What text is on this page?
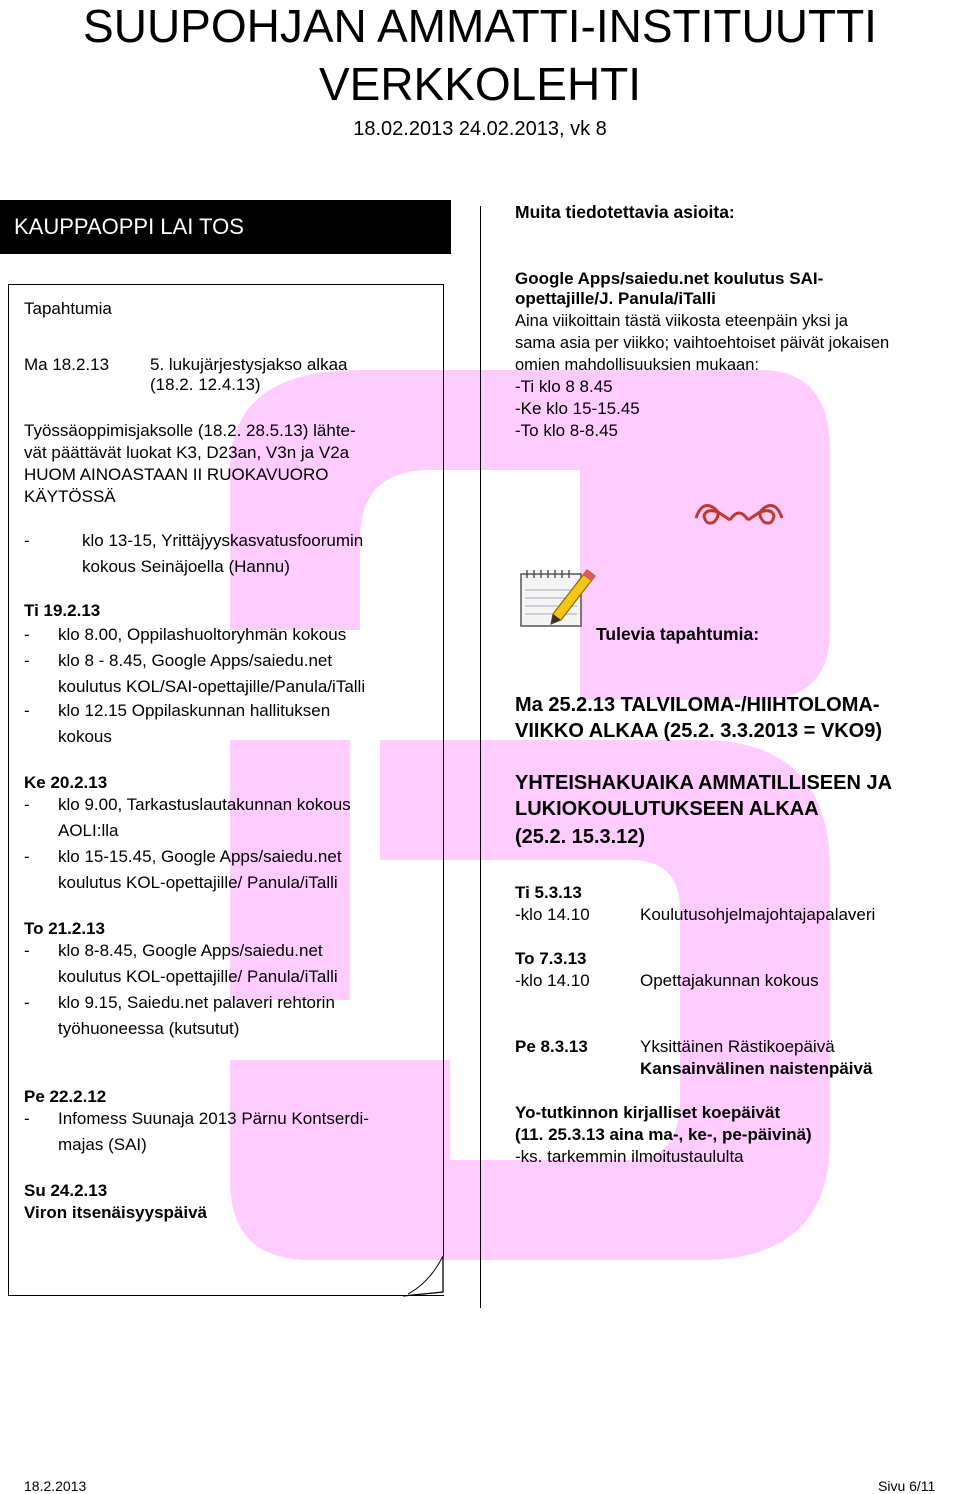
SUUPOHJAN AMMATTI-INSTITUUTTI
VERKKOLEHTI
18.02.2013 24.02.2013, vk 8
KAUPPAOPPI LAI TOS
Tapahtumia
Ma 18.2.13 5. lukujärjestysjakso alkaa
(18.2. 12.4.13)
Työssäoppimisjaksolle (18.2. 28.5.13) lähte-
vät päättävät luokat K3, D23an, V3n ja V2a
HUOM AINOASTAAN II RUOKAVUORO
KÄYTÖSSÄ
-	klo 13-15, Yrittäjyyskasvatusfoorumin
kokous Seinäjoella (Hannu)
Ti 19.2.13
- klo 8.00, Oppilashuoltoryhmän kokous
- klo 8 - 8.45, Google Apps/saiedu.net
koulutus KOL/SAI-opettajille/Panula/iTalli
- klo 12.15 Oppilaskunnan hallituksen
kokous
Ke 20.2.13
- klo 9.00, Tarkastuslautakunnan kokous
AOLI:lla
- klo 15-15.45, Google Apps/saiedu.net
koulutus KOL-opettajille/ Panula/iTalli
To 21.2.13
- klo 8-8.45, Google Apps/saiedu.net
koulutus KOL-opettajille/ Panula/iTalli
- klo 9.15, Saiedu.net palaveri rehtorin
työhuoneessa (kutsutut)
Pe 22.2.12
- Infomess Suunaja 2013 Pärnu Kontserdi-
majas (SAI)
Su 24.2.13
Viron itsenäisyyspäivä
Muita tiedotettavia asioita:
Google Apps/saiedu.net koulutus SAI-
opettajille/J. Panula/iTalli
Aina viikoittain tästä viikosta eteenpäin yksi ja
sama asia per viikko; vaihtoehtoiset päivät jokaisen
omien mahdollisuuksien mukaan:
-Ti klo 8 8.45
-Ke klo 15-15.45
-To klo 8-8.45
Tulevia tapahtumia:
Ma 25.2.13 TALVILOMA-/HIIHTOLOMA-
VIIKKO ALKAA (25.2. 3.3.2013 = VKO9)
YHTEISHAKUAIKA AMMATILLISEEN JA
LUKIOKOULUTUKSEEN ALKAA
(25.2. 15.3.12)
Ti 5.3.13
-klo 14.10	Koulutusohjelmajohtajapalaveri
To 7.3.13
-klo 14.10	Opettajakunnan kokous
Pe 8.3.13	Yksittäinen Rästikoepäivä
Kansainvälinen naistenpäivä
Yo-tutkinnon kirjalliset koepäivät
(11. 25.3.13 aina ma-, ke-, pe-päivinä)
-ks. tarkemmin ilmoitustaululta
18.2.2013	Sivu 6/11
